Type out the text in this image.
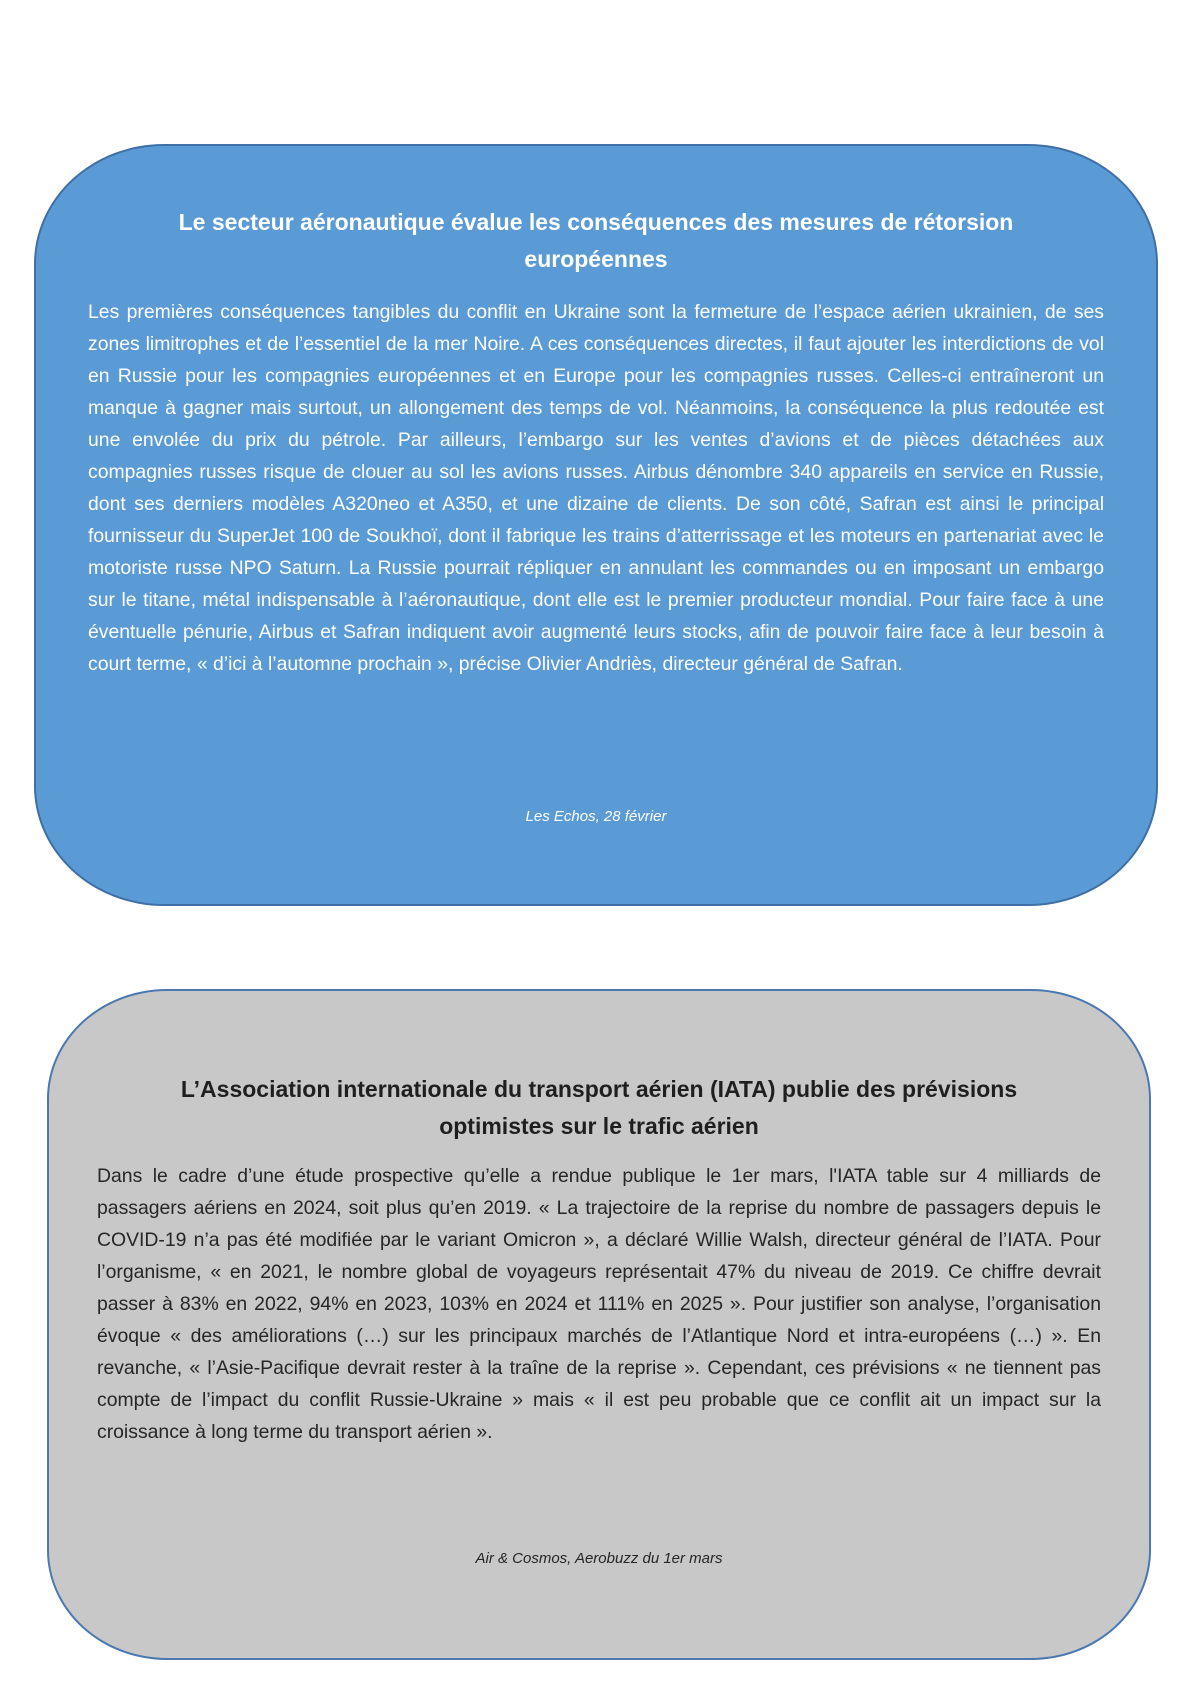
Le secteur aéronautique évalue les conséquences des mesures de rétorsion européennes

Les premières conséquences tangibles du conflit en Ukraine sont la fermeture de l’espace aérien ukrainien, de ses zones limitrophes et de l’essentiel de la mer Noire. A ces conséquences directes, il faut ajouter les interdictions de vol en Russie pour les compagnies européennes et en Europe pour les compagnies russes. Celles-ci entraîneront un manque à gagner mais surtout, un allongement des temps de vol. Néanmoins, la conséquence la plus redoutée est une envolée du prix du pétrole. Par ailleurs, l’embargo sur les ventes d’avions et de pièces détachées aux compagnies russes risque de clouer au sol les avions russes. Airbus dénombre 340 appareils en service en Russie, dont ses derniers modèles A320neo et A350, et une dizaine de clients. De son côté, Safran est ainsi le principal fournisseur du SuperJet 100 de Soukhoï, dont il fabrique les trains d’atterrissage et les moteurs en partenariat avec le motoriste russe NPO Saturn. La Russie pourrait répliquer en annulant les commandes ou en imposant un embargo sur le titane, métal indispensable à l’aéronautique, dont elle est le premier producteur mondial. Pour faire face à une éventuelle pénurie, Airbus et Safran indiquent avoir augmenté leurs stocks, afin de pouvoir faire face à leur besoin à court terme, « d’ici à l’automne prochain », précise Olivier Andriès, directeur général de Safran.

Les Echos, 28 février

L’Association internationale du transport aérien (IATA) publie des prévisions optimistes sur le trafic aérien

Dans le cadre d’une étude prospective qu’elle a rendue publique le 1er mars, l'IATA table sur 4 milliards de passagers aériens en 2024, soit plus qu’en 2019. « La trajectoire de la reprise du nombre de passagers depuis le COVID-19 n’a pas été modifiée par le variant Omicron », a déclaré Willie Walsh, directeur général de l’IATA. Pour l’organisme, « en 2021, le nombre global de voyageurs représentait 47% du niveau de 2019. Ce chiffre devrait passer à 83% en 2022, 94% en 2023, 103% en 2024 et 111% en 2025 ». Pour justifier son analyse, l’organisation évoque « des améliorations (…) sur les principaux marchés de l’Atlantique Nord et intra-européens (…) ». En revanche, « l’Asie-Pacifique devrait rester à la traîne de la reprise ». Cependant, ces prévisions « ne tiennent pas compte de l’impact du conflit Russie-Ukraine » mais « il est peu probable que ce conflit ait un impact sur la croissance à long terme du transport aérien ».

Air & Cosmos, Aerobuzz du 1er mars
